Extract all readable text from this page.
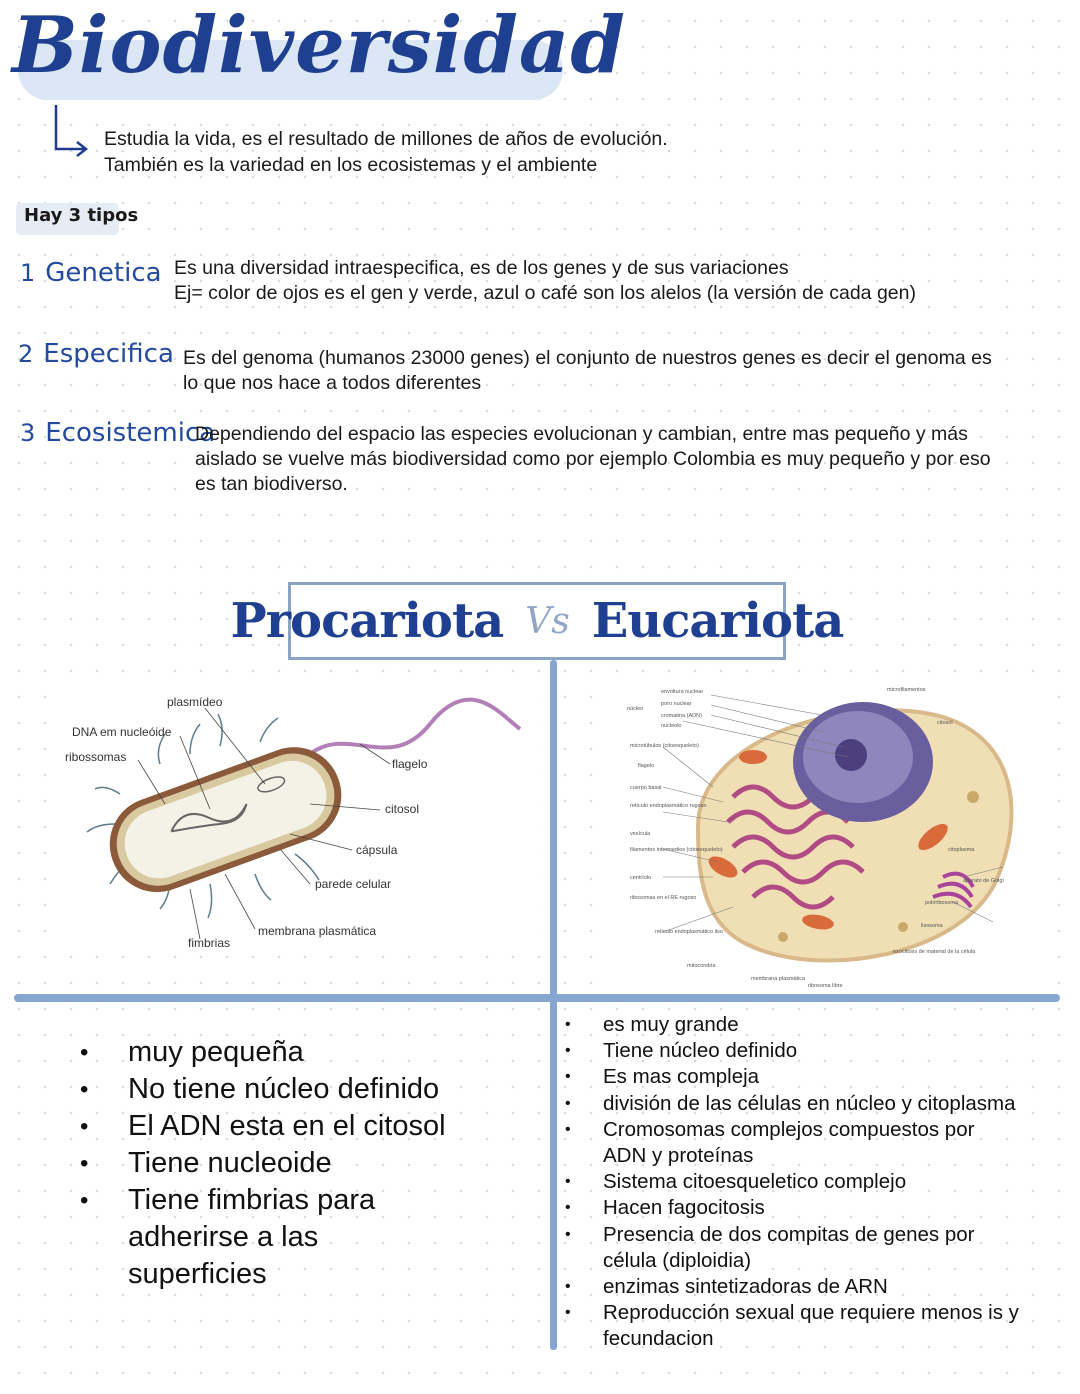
Biodiversidad
Estudia la vida, es el resultado de millones de años de evolución.
También es la variedad en los ecosistemas y el ambiente
Hay 3 tipos
1 Genetica Es una diversidad intraespecifica, es de los genes y de sus variaciones
Ej= color de ojos es el gen y verde, azul o café son los alelos (la versión de cada gen)
2 Especifica Es del genoma (humanos 23000 genes) el conjunto de nuestros genes es decir el genoma es
lo que nos hace a todos diferentes
3 Ecosistemica
Dependiendo del espacio las especies evolucionan y cambian, entre mas pequeño y más
aislado se vuelve más biodiversidad como por ejemplo Colombia es muy pequeño y por eso
es tan biodiverso.
Procariota Vs Eucariota
plasmídeo
DNA em nucleóide
ribossomas	flagelo
citosol
cápsula
parede celular
membrana plasmática
fimbrias
núcleo
envoltura nuclear
poro nuclear
cromatina (ADN)
nucleolo
microtúbulos (citoesqueleto)
flagelo
cuerpo basal
retículo endoplasmático rugoso
vesícula
filamentos intermedios (citoesqueleto)
centríolo
ribosomas en el RE rugoso
retículo endoplasmático liso
mitocondria
membrana plasmática
ribosoma libre
microfilamentos
citosol
citoplasma
aparato de Golgi
polirribosoma
lisosoma
exocitosis de material de la célula
• muy pequeña
• No tiene núcleo definido
• El ADN esta en el citosol
• Tiene nucleoide
• Tiene fimbrias para adherirse a las superficies
• es muy grande
• Tiene núcleo definido
• Es mas compleja
• división de las células en núcleo y citoplasma
• Cromosomas complejos compuestos por ADN y proteínas
• Sistema citoesqueletico complejo
• Hacen fagocitosis
• Presencia de dos compitas de genes por célula (diploidia)
• enzimas sintetizadoras de ARN
• Reproducción sexual que requiere menos is y fecundacion
